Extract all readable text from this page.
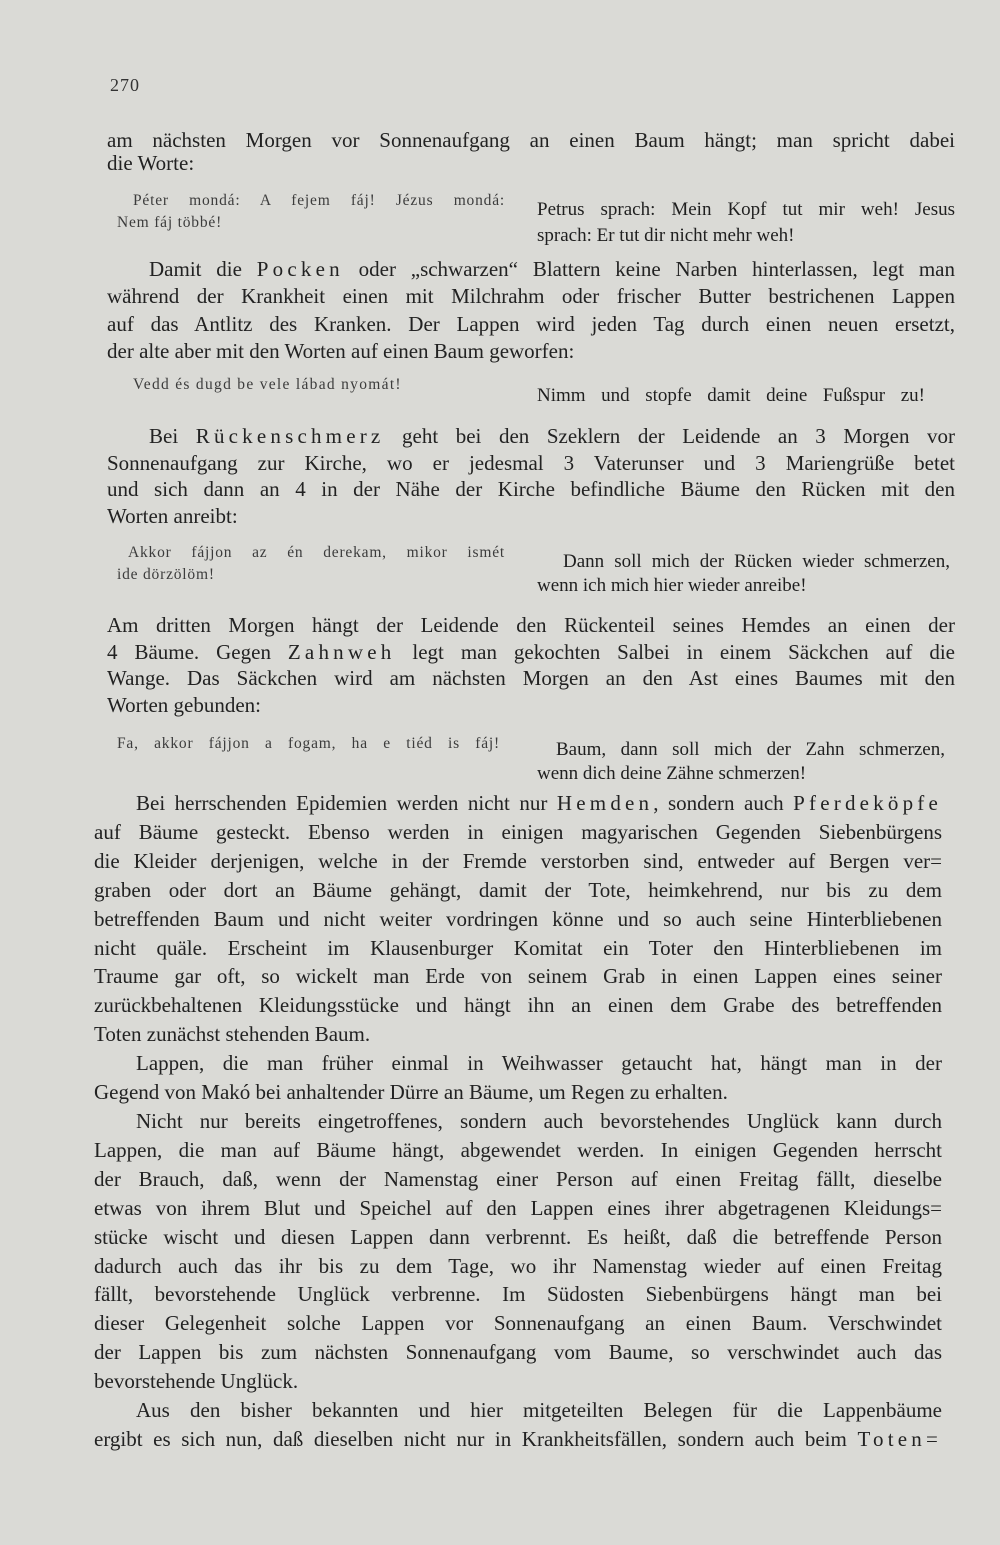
270
am nächsten Morgen vor Sonnenaufgang an einen Baum hängt; man spricht dabei
die Worte:
Péter mondá: A fejem fáj! Jézus mondá:
Nem fáj többé!
Petrus sprach: Mein Kopf tut mir weh! Jesus
sprach: Er tut dir nicht mehr weh!
Damit die Pocken oder „schwarzen“ Blattern keine Narben hinterlassen, legt man
während der Krankheit einen mit Milchrahm oder frischer Butter bestrichenen Lappen
auf das Antlitz des Kranken. Der Lappen wird jeden Tag durch einen neuen ersetzt,
der alte aber mit den Worten auf einen Baum geworfen:
Vedd és dugd be vele lábad nyomát!
Nimm und stopfe damit deine Fußspur zu!
Bei Rückenschmerz geht bei den Szeklern der Leidende an 3 Morgen vor
Sonnenaufgang zur Kirche, wo er jedesmal 3 Vaterunser und 3 Mariengrüße betet
und sich dann an 4 in der Nähe der Kirche befindliche Bäume den Rücken mit den
Worten anreibt:
Akkor fájjon az én derekam, mikor ismét
ide dörzölöm!
Dann soll mich der Rücken wieder schmerzen,
wenn ich mich hier wieder anreibe!
Am dritten Morgen hängt der Leidende den Rückenteil seines Hemdes an einen der
4 Bäume. Gegen Zahnweh legt man gekochten Salbei in einem Säckchen auf die
Wange. Das Säckchen wird am nächsten Morgen an den Ast eines Baumes mit den
Worten gebunden:
Fa, akkor fájjon a fogam, ha e tiéd is fáj!	Baum, dann soll mich der Zahn schmerzen,
wenn dich deine Zähne schmerzen!
Bei herrschenden Epidemien werden nicht nur Hemden, sondern auch Pferdeköpfe
auf Bäume gesteckt. Ebenso werden in einigen magyarischen Gegenden Siebenbürgens
die Kleider derjenigen, welche in der Fremde verstorben sind, entweder auf Bergen ver=
graben oder dort an Bäume gehängt, damit der Tote, heimkehrend, nur bis zu dem
betreffenden Baum und nicht weiter vordringen könne und so auch seine Hinterbliebenen
nicht quäle. Erscheint im Klausenburger Komitat ein Toter den Hinterbliebenen im
Traume gar oft, so wickelt man Erde von seinem Grab in einen Lappen eines seiner
zurückbehaltenen Kleidungsstücke und hängt ihn an einen dem Grabe des betreffenden
Toten zunächst stehenden Baum.
Lappen, die man früher einmal in Weihwasser getaucht hat, hängt man in der
Gegend von Makó bei anhaltender Dürre an Bäume, um Regen zu erhalten.
Nicht nur bereits eingetroffenes, sondern auch bevorstehendes Unglück kann durch
Lappen, die man auf Bäume hängt, abgewendet werden. In einigen Gegenden herrscht
der Brauch, daß, wenn der Namenstag einer Person auf einen Freitag fällt, dieselbe
etwas von ihrem Blut und Speichel auf den Lappen eines ihrer abgetragenen Kleidungs=
stücke wischt und diesen Lappen dann verbrennt. Es heißt, daß die betreffende Person
dadurch auch das ihr bis zu dem Tage, wo ihr Namenstag wieder auf einen Freitag
fällt, bevorstehende Unglück verbrenne. Im Südosten Siebenbürgens hängt man bei
dieser Gelegenheit solche Lappen vor Sonnenaufgang an einen Baum. Verschwindet
der Lappen bis zum nächsten Sonnenaufgang vom Baume, so verschwindet auch das
bevorstehende Unglück.
Aus den bisher bekannten und hier mitgeteilten Belegen für die Lappenbäume
ergibt es sich nun, daß dieselben nicht nur in Krankheitsfällen, sondern auch beim Toten=
